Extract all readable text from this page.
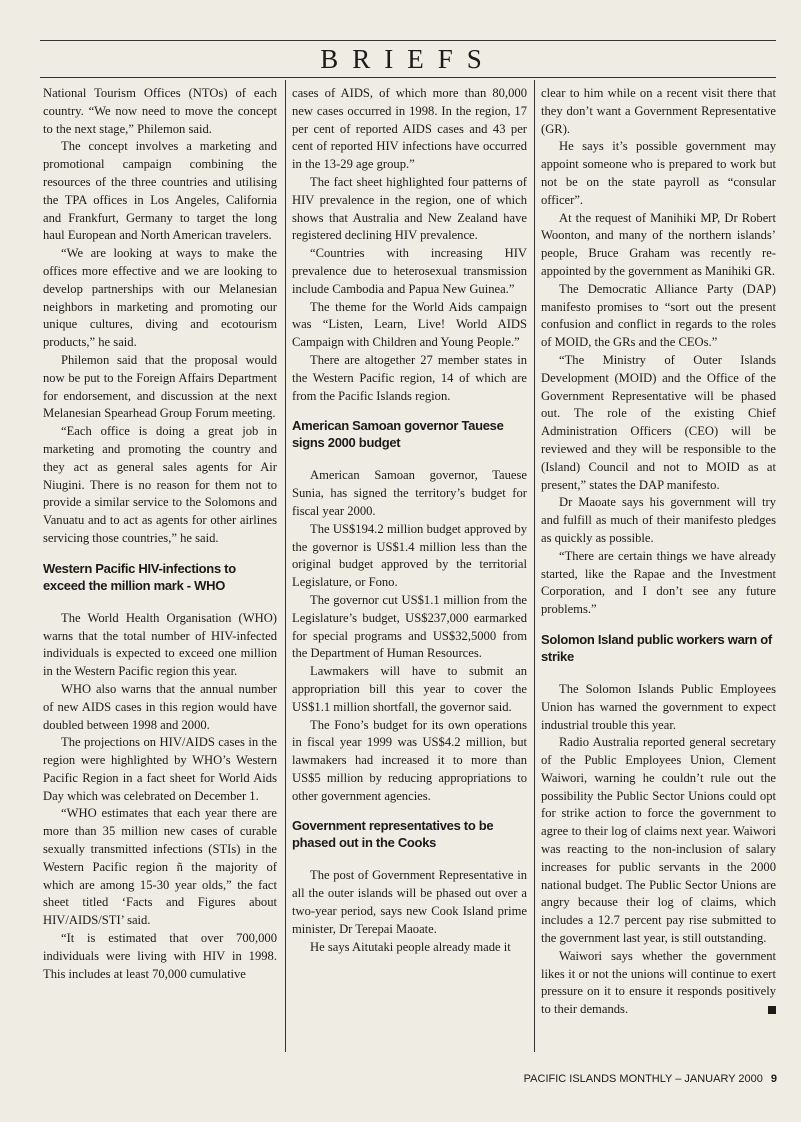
BRIEFS

National Tourism Offices (NTOs) of each country. “We now need to move the concept to the next stage,” Philemon said.

The concept involves a marketing and promotional campaign combining the resources of the three countries and utilising the TPA offices in Los Angeles, California and Frankfurt, Germany to target the long haul European and North American travelers.

“We are looking at ways to make the offices more effective and we are looking to develop partnerships with our Melanesian neighbors in marketing and promoting our unique cultures, diving and ecotourism products,” he said.

Philemon said that the proposal would now be put to the Foreign Affairs Department for endorsement, and discussion at the next Melanesian Spearhead Group Forum meeting.

“Each office is doing a great job in marketing and promoting the country and they act as general sales agents for Air Niugini. There is no reason for them not to provide a similar service to the Solomons and Vanuatu and to act as agents for other airlines servicing those countries,” he said.

Western Pacific HIV-infections to exceed the million mark - WHO

The World Health Organisation (WHO) warns that the total number of HIV-infected individuals is expected to exceed one million in the Western Pacific region this year.

WHO also warns that the annual number of new AIDS cases in this region would have doubled between 1998 and 2000.

The projections on HIV/AIDS cases in the region were highlighted by WHO’s Western Pacific Region in a fact sheet for World Aids Day which was celebrated on December 1.

“WHO estimates that each year there are more than 35 million new cases of curable sexually transmitted infections (STIs) in the Western Pacific region ñ the majority of which are among 15-30 year olds,” the fact sheet titled ‘Facts and Figures about HIV/AIDS/STI’ said.

“It is estimated that over 700,000 individuals were living with HIV in 1998. This includes at least 70,000 cumulative

cases of AIDS, of which more than 80,000 new cases occurred in 1998. In the region, 17 per cent of reported AIDS cases and 43 per cent of reported HIV infections have occurred in the 13-29 age group.”

The fact sheet highlighted four patterns of HIV prevalence in the region, one of which shows that Australia and New Zealand have registered declining HIV prevalence.

“Countries with increasing HIV prevalence due to heterosexual transmission include Cambodia and Papua New Guinea.”

The theme for the World Aids campaign was “Listen, Learn, Live! World AIDS Campaign with Children and Young People.”

There are altogether 27 member states in the Western Pacific region, 14 of which are from the Pacific Islands region.

American Samoan governor Tauese signs 2000 budget

American Samoan governor, Tauese Sunia, has signed the territory’s budget for fiscal year 2000.

The US$194.2 million budget approved by the governor is US$1.4 million less than the original budget approved by the territorial Legislature, or Fono.

The governor cut US$1.1 million from the Legislature’s budget, US$237,000 earmarked for special programs and US$32,5000 from the Department of Human Resources.

Lawmakers will have to submit an appropriation bill this year to cover the US$1.1 million shortfall, the governor said.

The Fono’s budget for its own operations in fiscal year 1999 was US$4.2 million, but lawmakers had increased it to more than US$5 million by reducing appropriations to other government agencies.

Government representatives to be phased out in the Cooks

The post of Government Representative in all the outer islands will be phased out over a two-year period, says new Cook Island prime minister, Dr Terepai Maoate.

He says Aitutaki people already made it

clear to him while on a recent visit there that they don’t want a Government Representative (GR).

He says it’s possible government may appoint someone who is prepared to work but not be on the state payroll as “consular officer”.

At the request of Manihiki MP, Dr Robert Woonton, and many of the northern islands’ people, Bruce Graham was recently re-appointed by the government as Manihiki GR.

The Democratic Alliance Party (DAP) manifesto promises to “sort out the present confusion and conflict in regards to the roles of MOID, the GRs and the CEOs.”

“The Ministry of Outer Islands Development (MOID) and the Office of the Government Representative will be phased out. The role of the existing Chief Administration Officers (CEO) will be reviewed and they will be responsible to the (Island) Council and not to MOID as at present,” states the DAP manifesto.

Dr Maoate says his government will try and fulfill as much of their manifesto pledges as quickly as possible.

“There are certain things we have already started, like the Rapae and the Investment Corporation, and I don’t see any future problems.”

Solomon Island public workers warn of strike

The Solomon Islands Public Employees Union has warned the government to expect industrial trouble this year.

Radio Australia reported general secretary of the Public Employees Union, Clement Waiwori, warning he couldn’t rule out the possibility the Public Sector Unions could opt for strike action to force the government to agree to their log of claims next year. Waiwori was reacting to the non-inclusion of salary increases for public servants in the 2000 national budget. The Public Sector Unions are angry because their log of claims, which includes a 12.7 percent pay rise submitted to the government last year, is still outstanding.

Waiwori says whether the government likes it or not the unions will continue to exert pressure on it to ensure it responds positively to their demands.

PACIFIC ISLANDS MONTHLY – JANUARY 2000 9
